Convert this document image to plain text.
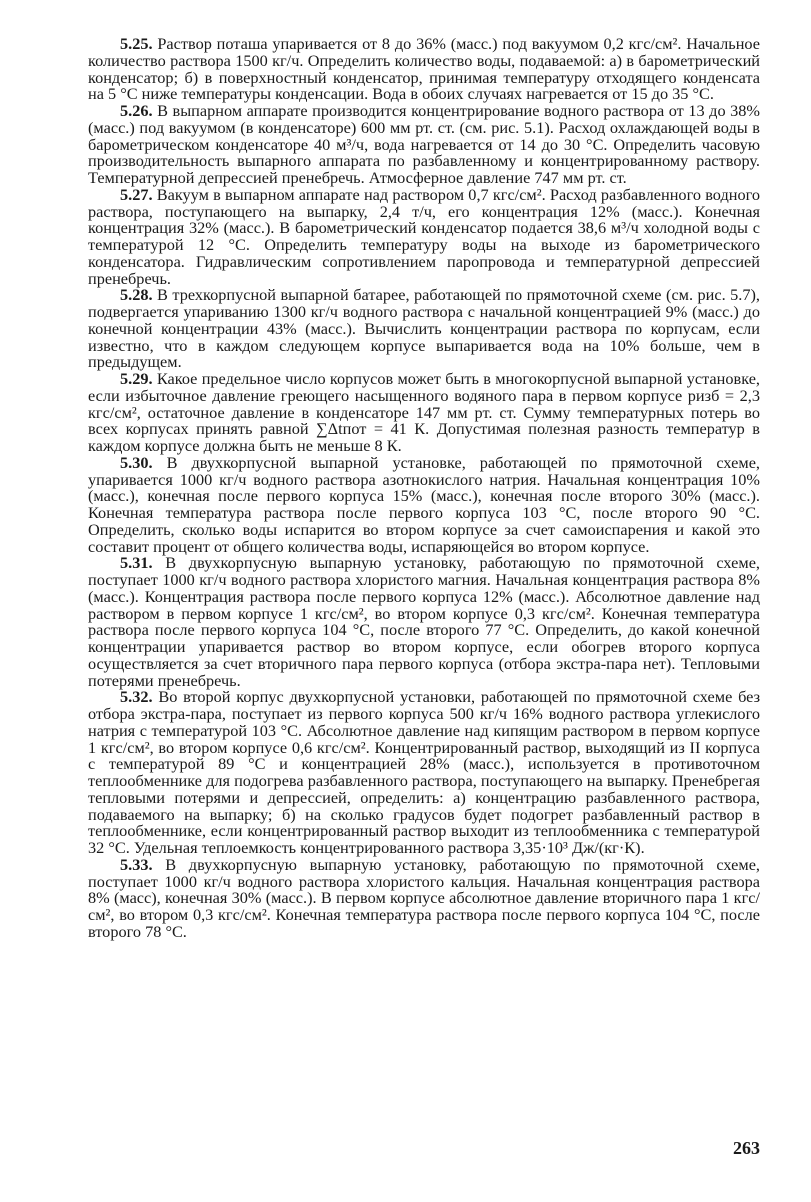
5.25. Раствор поташа упаривается от 8 до 36% (масс.) под вакуумом 0,2 кгс/см². Начальное количество раствора 1500 кг/ч. Определить количество воды, подаваемой: а) в барометрический конденсатор; б) в поверхностный конденсатор, принимая температуру отходящего конденсата на 5 °С ниже температуры конденсации. Вода в обоих случаях нагревается от 15 до 35 °С.

5.26. В выпарном аппарате производится концентрирование водного раствора от 13 до 38% (масс.) под вакуумом (в конденсаторе) 600 мм рт. ст. (см. рис. 5.1). Расход охлаждающей воды в барометрическом конденсаторе 40 м³/ч, вода нагревается от 14 до 30 °С. Определить часовую производительность выпарного аппарата по разбавленному и концентрированному раствору. Температурной депрессией пренебречь. Атмосферное давление 747 мм рт. ст.

5.27. Вакуум в выпарном аппарате над раствором 0,7 кгс/см². Расход разбавленного водного раствора, поступающего на выпарку, 2,4 т/ч, его концентрация 12% (масс.). Конечная концентрация 32% (масс.). В барометрический конденсатор подается 38,6 м³/ч холодной воды с температурой 12 °С. Определить температуру воды на выходе из барометрического конденсатора. Гидравлическим сопротивлением паропровода и температурной депрессией пренебречь.

5.28. В трехкорпусной выпарной батарее, работающей по прямоточной схеме (см. рис. 5.7), подвергается упариванию 1300 кг/ч водного раствора с начальной концентрацией 9% (масс.) до конечной концентрации 43% (масс.). Вычислить концентрации раствора по корпусам, если известно, что в каждом следующем корпусе выпаривается вода на 10% больше, чем в предыдущем.

5.29. Какое предельное число корпусов может быть в многокорпусной выпарной установке, если избыточное давление греющего насыщенного водяного пара в первом корпусе pизб = 2,3 кгс/см², остаточное давление в конденсаторе 147 мм рт. ст. Сумму температурных потерь во всех корпусах принять равной ∑Δtпот = 41 К. Допустимая полезная разность температур в каждом корпусе должна быть не меньше 8 К.

5.30. В двухкорпусной выпарной установке, работающей по прямоточной схеме, упаривается 1000 кг/ч водного раствора азотнокислого натрия. Начальная концентрация 10% (масс.), конечная после первого корпуса 15% (масс.), конечная после второго 30% (масс.). Конечная температура раствора после первого корпуса 103 °С, после второго 90 °С. Определить, сколько воды испарится во втором корпусе за счет самоиспарения и какой это составит процент от общего количества воды, испаряющейся во втором корпусе.

5.31. В двухкорпусную выпарную установку, работающую по прямоточной схеме, поступает 1000 кг/ч водного раствора хлористого магния. Начальная концентрация раствора 8% (масс.). Концентрация раствора после первого корпуса 12% (масс.). Абсолютное давление над раствором в первом корпусе 1 кгс/см², во втором корпусе 0,3 кгс/см². Конечная температура раствора после первого корпуса 104 °С, после второго 77 °С. Определить, до какой конечной концентрации упаривается раствор во втором корпусе, если обогрев второго корпуса осуществляется за счет вторичного пара первого корпуса (отбора экстра-пара нет). Тепловыми потерями пренебречь.

5.32. Во второй корпус двухкорпусной установки, работающей по прямоточной схеме без отбора экстра-пара, поступает из первого корпуса 500 кг/ч 16% водного раствора углекислого натрия с температурой 103 °С. Абсолютное давление над кипящим раствором в первом корпусе 1 кгс/см², во втором корпусе 0,6 кгс/см². Концентрированный раствор, выходящий из II корпуса с температурой 89 °С и концентрацией 28% (масс.), используется в противоточном теплообменнике для подогрева разбавленного раствора, поступающего на выпарку. Пренебрегая тепловыми потерями и депрессией, определить: а) концентрацию разбавленного раствора, подаваемого на выпарку; б) на сколько градусов будет подогрет разбавленный раствор в теплообменнике, если концентрированный раствор выходит из теплообменника с температурой 32 °С. Удельная теплоемкость концентрированного раствора 3,35·10³ Дж/(кг·К).

5.33. В двухкорпусную выпарную установку, работающую по прямоточной схеме, поступает 1000 кг/ч водного раствора хлористого кальция. Начальная концентрация раствора 8% (масс), конечная 30% (масс.). В первом корпусе абсолютное давление вторичного пара 1 кгс/см², во втором 0,3 кгс/см². Конечная температура раствора после первого корпуса 104 °С, после второго 78 °С.

263
